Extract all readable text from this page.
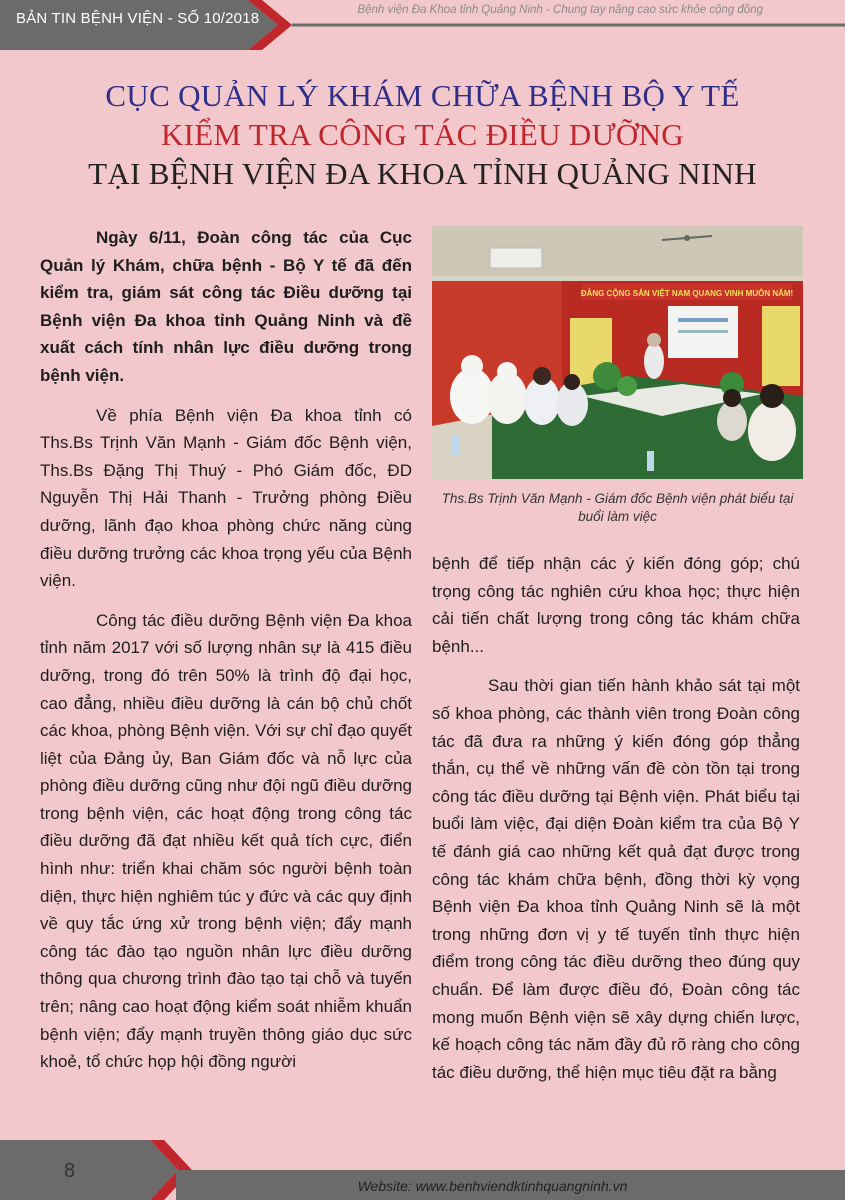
BẢN TIN BỆNH VIỆN - SỐ 10/2018	Bệnh viện Đa Khoa tỉnh Quảng Ninh - Chung tay nâng cao sức khỏe cộng đồng
CỤC QUẢN LÝ KHÁM CHỮA BỆNH BỘ Y TẾ
KIỂM TRA CÔNG TÁC ĐIỀU DƯỠNG
TẠI BỆNH VIỆN ĐA KHOA TỈNH QUẢNG NINH

Ngày 6/11, Đoàn công tác của Cục Quản lý Khám, chữa bệnh - Bộ Y tế đã đến kiểm tra, giám sát công tác Điều dưỡng tại Bệnh viện Đa khoa tỉnh Quảng Ninh và đề xuất cách tính nhân lực điều dưỡng trong bệnh viện.

Về phía Bệnh viện Đa khoa tỉnh có Ths.Bs Trịnh Văn Mạnh - Giám đốc Bệnh viện, Ths.Bs Đặng Thị Thuý - Phó Giám đốc, ĐD Nguyễn Thị Hải Thanh - Trưởng phòng Điều dưỡng, lãnh đạo khoa phòng chức năng cùng điều dưỡng trưởng các khoa trọng yếu của Bệnh viện.

Công tác điều dưỡng Bệnh viện Đa khoa tỉnh năm 2017 với số lượng nhân sự là 415 điều dưỡng, trong đó trên 50% là trình độ đại học, cao đẳng, nhiều điều dưỡng là cán bộ chủ chốt các khoa, phòng Bệnh viện. Với sự chỉ đạo quyết liệt của Đảng ủy, Ban Giám đốc và nỗ lực của phòng điều dưỡng cũng như đội ngũ điều dưỡng trong bệnh viện, các hoạt động trong công tác điều dưỡng đã đạt nhiều kết quả tích cực, điển hình như: triển khai chăm sóc người bệnh toàn diện, thực hiện nghiêm túc y đức và các quy định về quy tắc ứng xử trong bệnh viện; đẩy mạnh công tác đào tạo nguồn nhân lực điều dưỡng thông qua chương trình đào tạo tại chỗ và tuyến trên; nâng cao hoạt động kiểm soát nhiễm khuẩn bệnh viện; đẩy mạnh truyền thông giáo dục sức khoẻ, tổ chức họp hội đồng người

ĐẢNG CỘNG SẢN VIỆT NAM QUANG VINH MUÔN NĂM!
Ths.Bs Trịnh Văn Mạnh - Giám đốc Bệnh viện phát biểu tại buổi làm việc

bệnh để tiếp nhận các ý kiến đóng góp; chú trọng công tác nghiên cứu khoa học; thực hiện cải tiến chất lượng trong công tác khám chữa bệnh...

Sau thời gian tiến hành khảo sát tại một số khoa phòng, các thành viên trong Đoàn công tác đã đưa ra những ý kiến đóng góp thẳng thắn, cụ thể về những vấn đề còn tồn tại trong công tác điều dưỡng tại Bệnh viện. Phát biểu tại buổi làm việc, đại diện Đoàn kiểm tra của Bộ Y tế đánh giá cao những kết quả đạt được trong công tác khám chữa bệnh, đồng thời kỳ vọng Bệnh viện Đa khoa tỉnh Quảng Ninh sẽ là một trong những đơn vị y tế tuyến tỉnh thực hiện điểm trong công tác điều dưỡng theo đúng quy chuẩn. Để làm được điều đó, Đoàn công tác mong muốn Bệnh viện sẽ xây dựng chiến lược, kế hoạch công tác năm đầy đủ rõ ràng cho công tác điều dưỡng, thể hiện mục tiêu đặt ra bằng

8
Website: www.benhviendktinhquangninh.vn
